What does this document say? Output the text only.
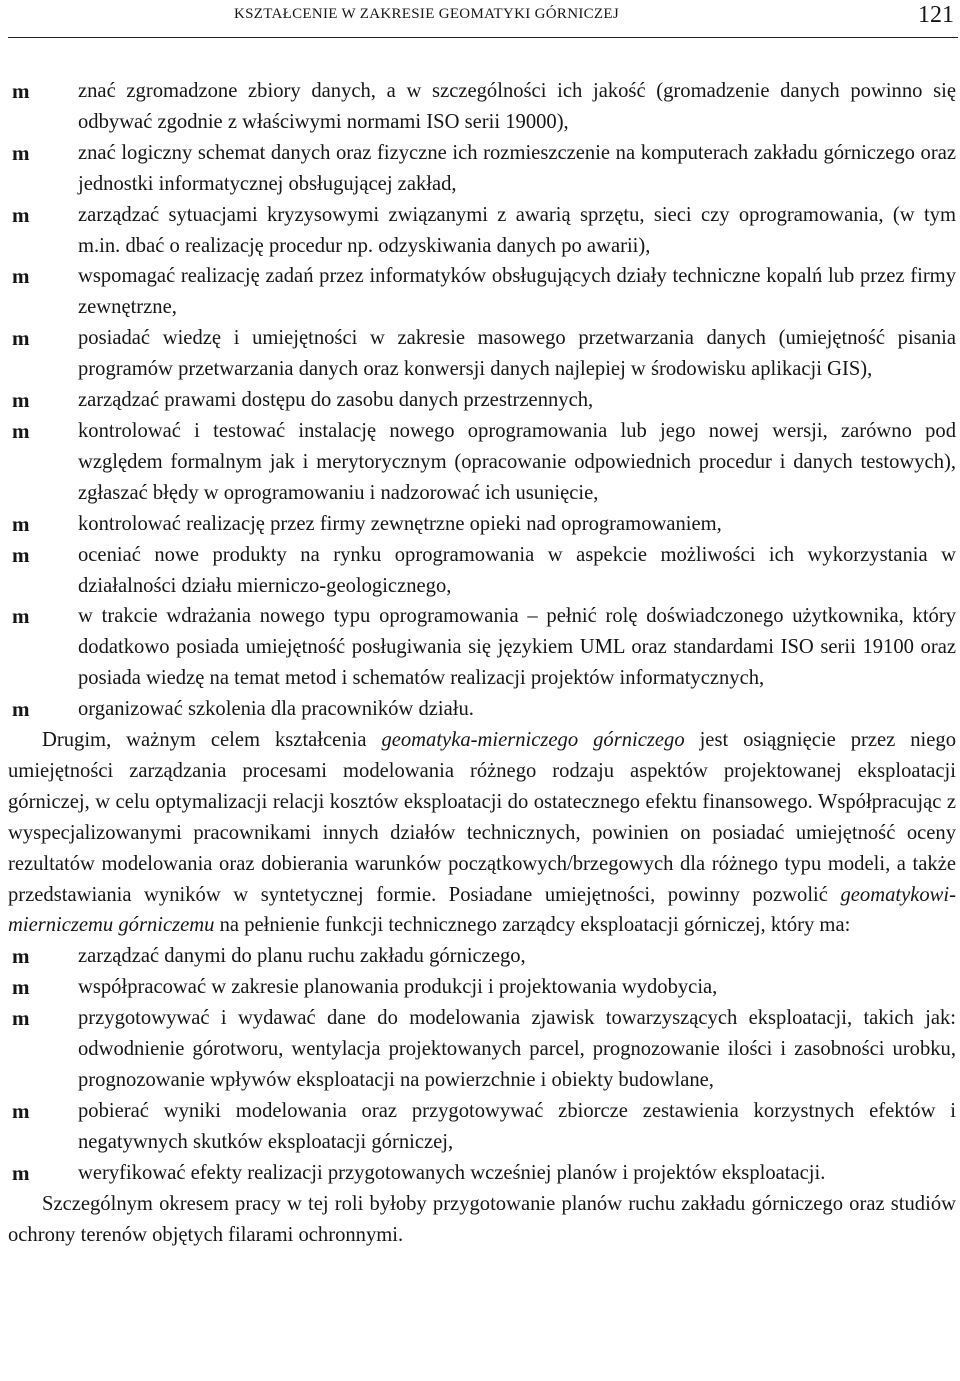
KSZTAŁCENIE W ZAKRESIE GEOMATYKI GÓRNICZEJ	121
m znać zgromadzone zbiory danych, a w szczególności ich jakość (gromadzenie danych powinno się odbywać zgodnie z właściwymi normami ISO serii 19000),
m znać logiczny schemat danych oraz fizyczne ich rozmieszczenie na komputerach zakładu górniczego oraz jednostki informatycznej obsługującej zakład,
m zarządzać sytuacjami kryzysowymi związanymi z awarią sprzętu, sieci czy oprogramowania, (w tym m.in. dbać o realizację procedur np. odzyskiwania danych po awarii),
m wspomagać realizację zadań przez informatyków obsługujących działy techniczne kopalń lub przez firmy zewnętrzne,
m posiadać wiedzę i umiejętności w zakresie masowego przetwarzania danych (umiejętność pisania programów przetwarzania danych oraz konwersji danych najlepiej w środowisku aplikacji GIS),
m zarządzać prawami dostępu do zasobu danych przestrzennych,
m kontrolować i testować instalację nowego oprogramowania lub jego nowej wersji, zarówno pod względem formalnym jak i merytorycznym (opracowanie odpowiednich procedur i danych testowych), zgłaszać błędy w oprogramowaniu i nadzorować ich usunięcie,
m kontrolować realizację przez firmy zewnętrzne opieki nad oprogramowaniem,
m oceniać nowe produkty na rynku oprogramowania w aspekcie możliwości ich wykorzystania w działalności działu mierniczo-geologicznego,
m w trakcie wdrażania nowego typu oprogramowania – pełnić rolę doświadczonego użytkownika, który dodatkowo posiada umiejętność posługiwania się językiem UML oraz standardami ISO serii 19100 oraz posiada wiedzę na temat metod i schematów realizacji projektów informatycznych,
m organizować szkolenia dla pracowników działu.

Drugim, ważnym celem kształcenia geomatyka-mierniczego górniczego jest osiągnięcie przez niego umiejętności zarządzania procesami modelowania różnego rodzaju aspektów projektowanej eksploatacji górniczej, w celu optymalizacji relacji kosztów eksploatacji do ostatecznego efektu finansowego. Współpracując z wyspecjalizowanymi pracownikami innych działów technicznych, powinien on posiadać umiejętność oceny rezultatów modelowania oraz dobierania warunków początkowych/brzegowych dla różnego typu modeli, a także przedstawiania wyników w syntetycznej formie. Posiadane umiejętności, powinny pozwolić geomatykowi-mierniczemu górniczemu na pełnienie funkcji technicznego zarządcy eksploatacji górniczej, który ma:

m zarządzać danymi do planu ruchu zakładu górniczego,
m współpracować w zakresie planowania produkcji i projektowania wydobycia,
m przygotowywać i wydawać dane do modelowania zjawisk towarzyszących eksploatacji, takich jak: odwodnienie górotworu, wentylacja projektowanych parcel, prognozowanie ilości i zasobności urobku, prognozowanie wpływów eksploatacji na powierzchnie i obiekty budowlane,
m pobierać wyniki modelowania oraz przygotowywać zbiorcze zestawienia korzystnych efektów i negatywnych skutków eksploatacji górniczej,
m weryfikować efekty realizacji przygotowanych wcześniej planów i projektów eksploatacji.

Szczególnym okresem pracy w tej roli byłoby przygotowanie planów ruchu zakładu górniczego oraz studiów ochrony terenów objętych filarami ochronnymi.
